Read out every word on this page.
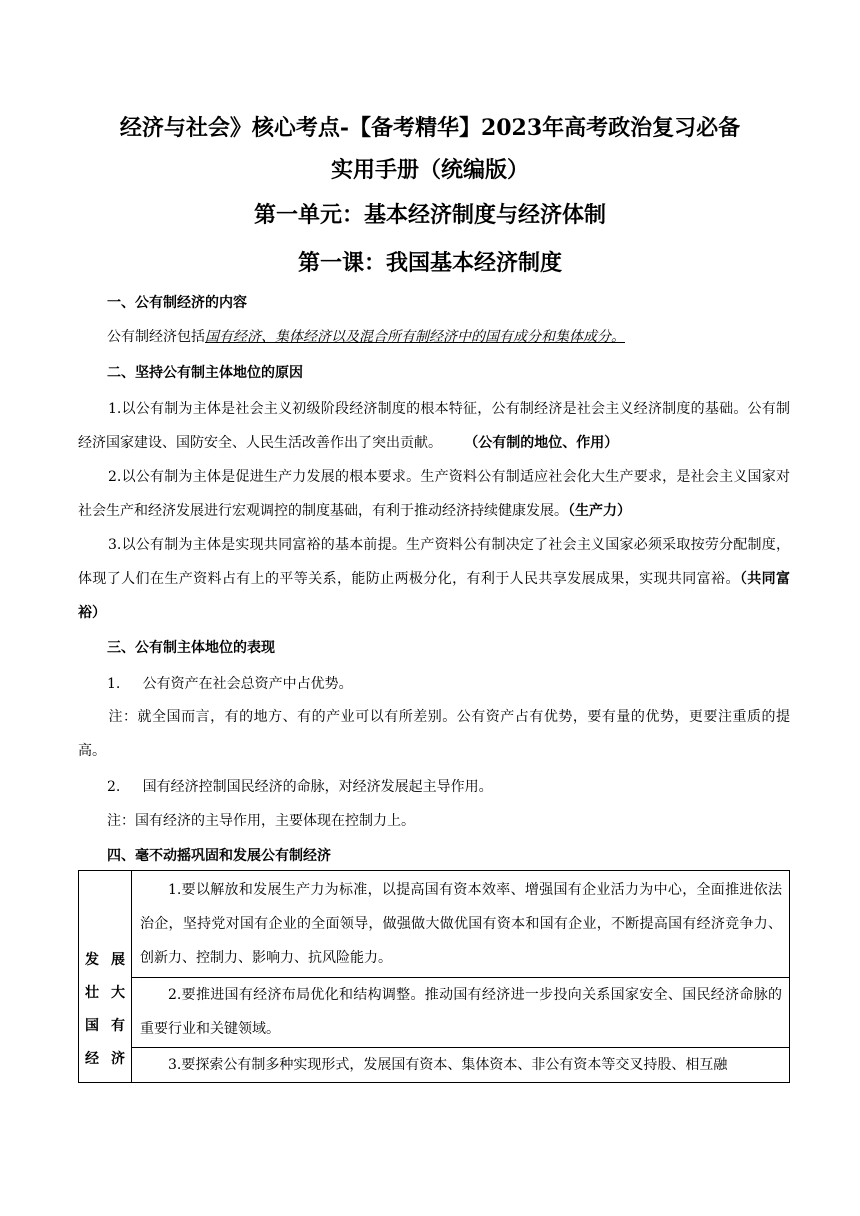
经济与社会》核心考点-【备考精华】2023年高考政治复习必备
实用手册（统编版）
第一单元：基本经济制度与经济体制
第一课：我国基本经济制度
一、公有制经济的内容
公有制经济包括国有经济、集体经济以及混合所有制经济中的国有成分和集体成分。
二、坚持公有制主体地位的原因
1.以公有制为主体是社会主义初级阶段经济制度的根本特征，公有制经济是社会主义经济制度的基础。公有制经济国家建设、国防安全、人民生活改善作出了突出贡献。 （公有制的地位、作用）
2.以公有制为主体是促进生产力发展的根本要求。生产资料公有制适应社会化大生产要求，是社会主义国家对社会生产和经济发展进行宏观调控的制度基础，有利于推动经济持续健康发展。（生产力）
3.以公有制为主体是实现共同富裕的基本前提。生产资料公有制决定了社会主义国家必须采取按劳分配制度，体现了人们在生产资料占有上的平等关系，能防止两极分化，有利于人民共享发展成果，实现共同富裕。（共同富裕）
三、公有制主体地位的表现
1. 公有资产在社会总资产中占优势。
注：就全国而言，有的地方、有的产业可以有所差别。公有资产占有优势，要有量的优势，更要注重质的提高。
2. 国有经济控制国民经济的命脉，对经济发展起主导作用。
注：国有经济的主导作用，主要体现在控制力上。
四、毫不动摇巩固和发展公有制经济
发展
壮大
国有
经济
1.要以解放和发展生产力为标准，以提高国有资本效率、增强国有企业活力为中心，全面推进依法治企，坚持党对国有企业的全面领导，做强做大做优国有资本和国有企业，不断提高国有经济竞争力、创新力、控制力、影响力、抗风险能力。
2.要推进国有经济布局优化和结构调整。推动国有经济进一步投向关系国家安全、国民经济命脉的重要行业和关键领域。
3.要探索公有制多种实现形式，发展国有资本、集体资本、非公有资本等交叉持股、相互融
